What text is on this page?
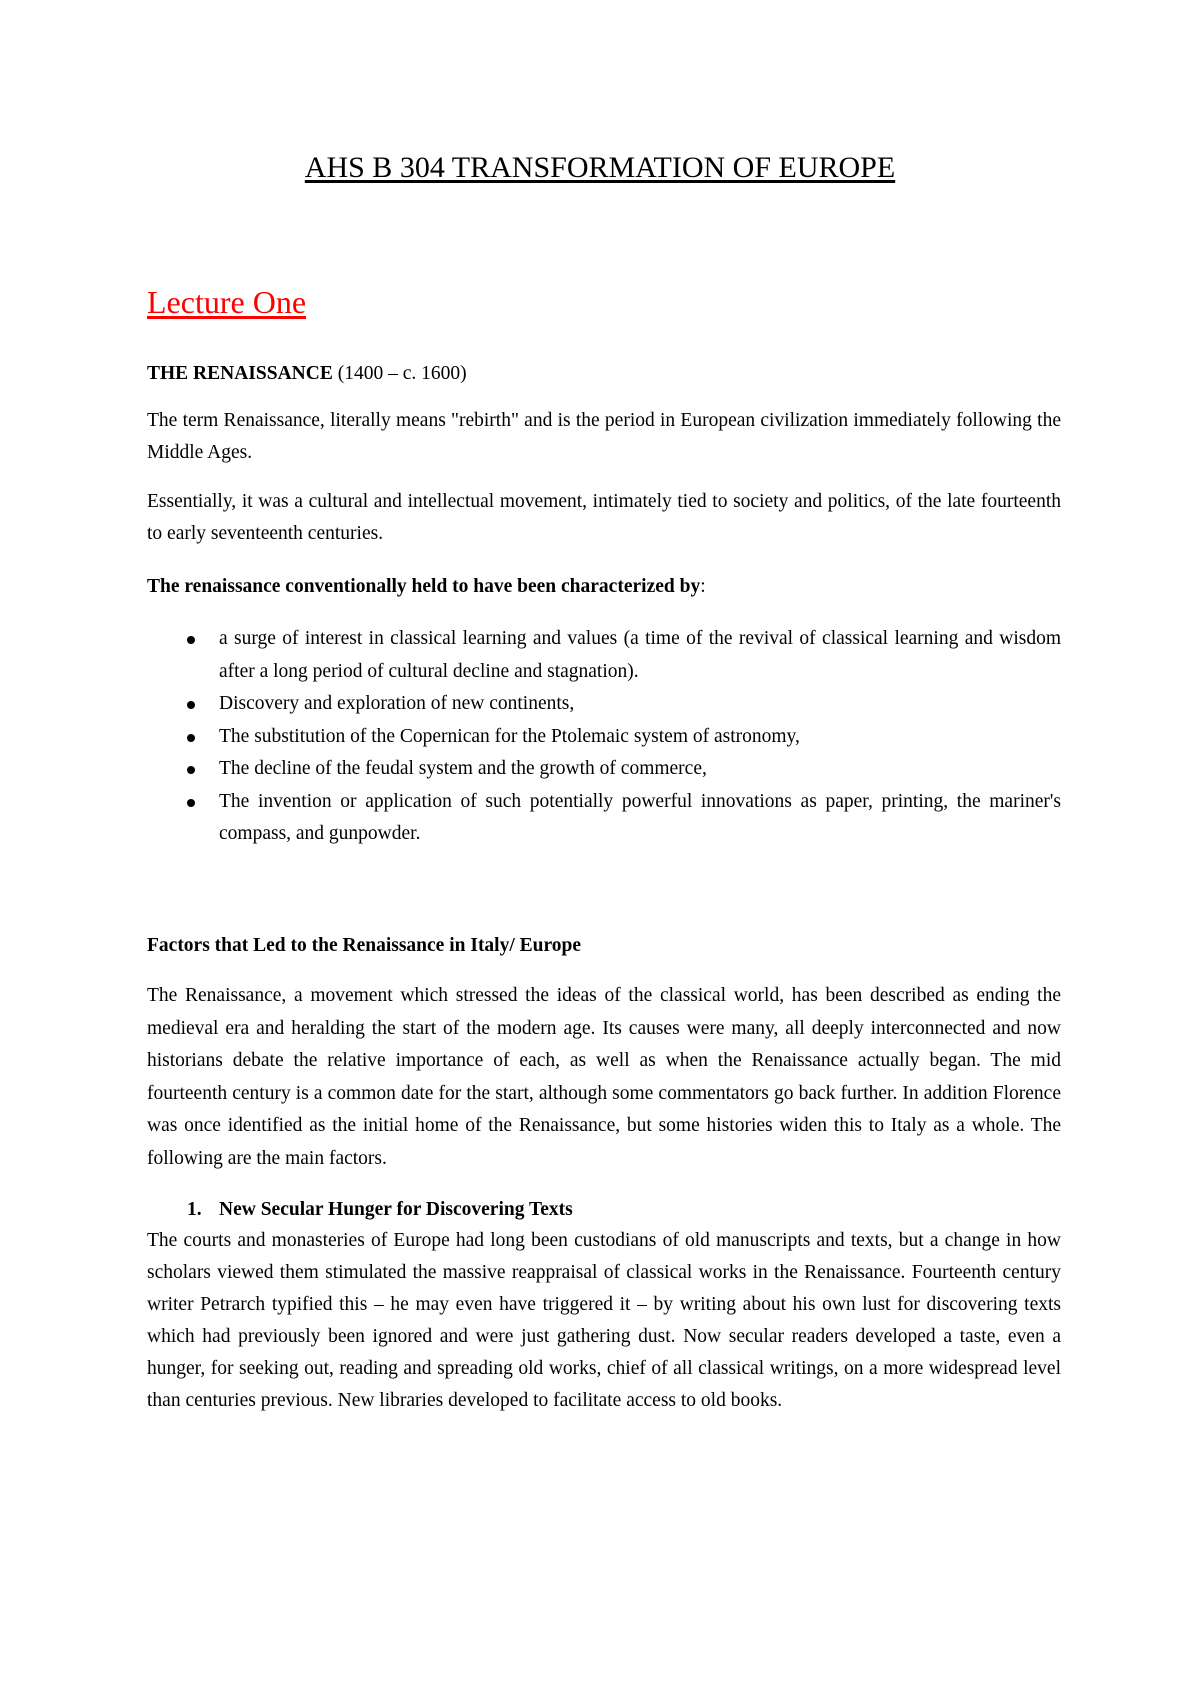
AHS B 304 TRANSFORMATION OF EUROPE
Lecture One

THE RENAISSANCE (1400 – c. 1600)

The term Renaissance, literally means "rebirth" and is the period in European civilization immediately following the Middle Ages.

Essentially, it was a cultural and intellectual movement, intimately tied to society and politics, of the late fourteenth to early seventeenth centuries.

The renaissance conventionally held to have been characterized by:

a surge of interest in classical learning and values (a time of the revival of classical learning and wisdom after a long period of cultural decline and stagnation).
Discovery and exploration of new continents,
The substitution of the Copernican for the Ptolemaic system of astronomy,
The decline of the feudal system and the growth of commerce,
The invention or application of such potentially powerful innovations as paper, printing, the mariner's compass, and gunpowder.

Factors that Led to the Renaissance in Italy/ Europe

The Renaissance, a movement which stressed the ideas of the classical world, has been described as ending the medieval era and heralding the start of the modern age. Its causes were many, all deeply interconnected and now historians debate the relative importance of each, as well as when the Renaissance actually began. The mid fourteenth century is a common date for the start, although some commentators go back further. In addition Florence was once identified as the initial home of the Renaissance, but some histories widen this to Italy as a whole. The following are the main factors.

1. New Secular Hunger for Discovering Texts

The courts and monasteries of Europe had long been custodians of old manuscripts and texts, but a change in how scholars viewed them stimulated the massive reappraisal of classical works in the Renaissance. Fourteenth century writer Petrarch typified this – he may even have triggered it – by writing about his own lust for discovering texts which had previously been ignored and were just gathering dust. Now secular readers developed a taste, even a hunger, for seeking out, reading and spreading old works, chief of all classical writings, on a more widespread level than centuries previous. New libraries developed to facilitate access to old books.
